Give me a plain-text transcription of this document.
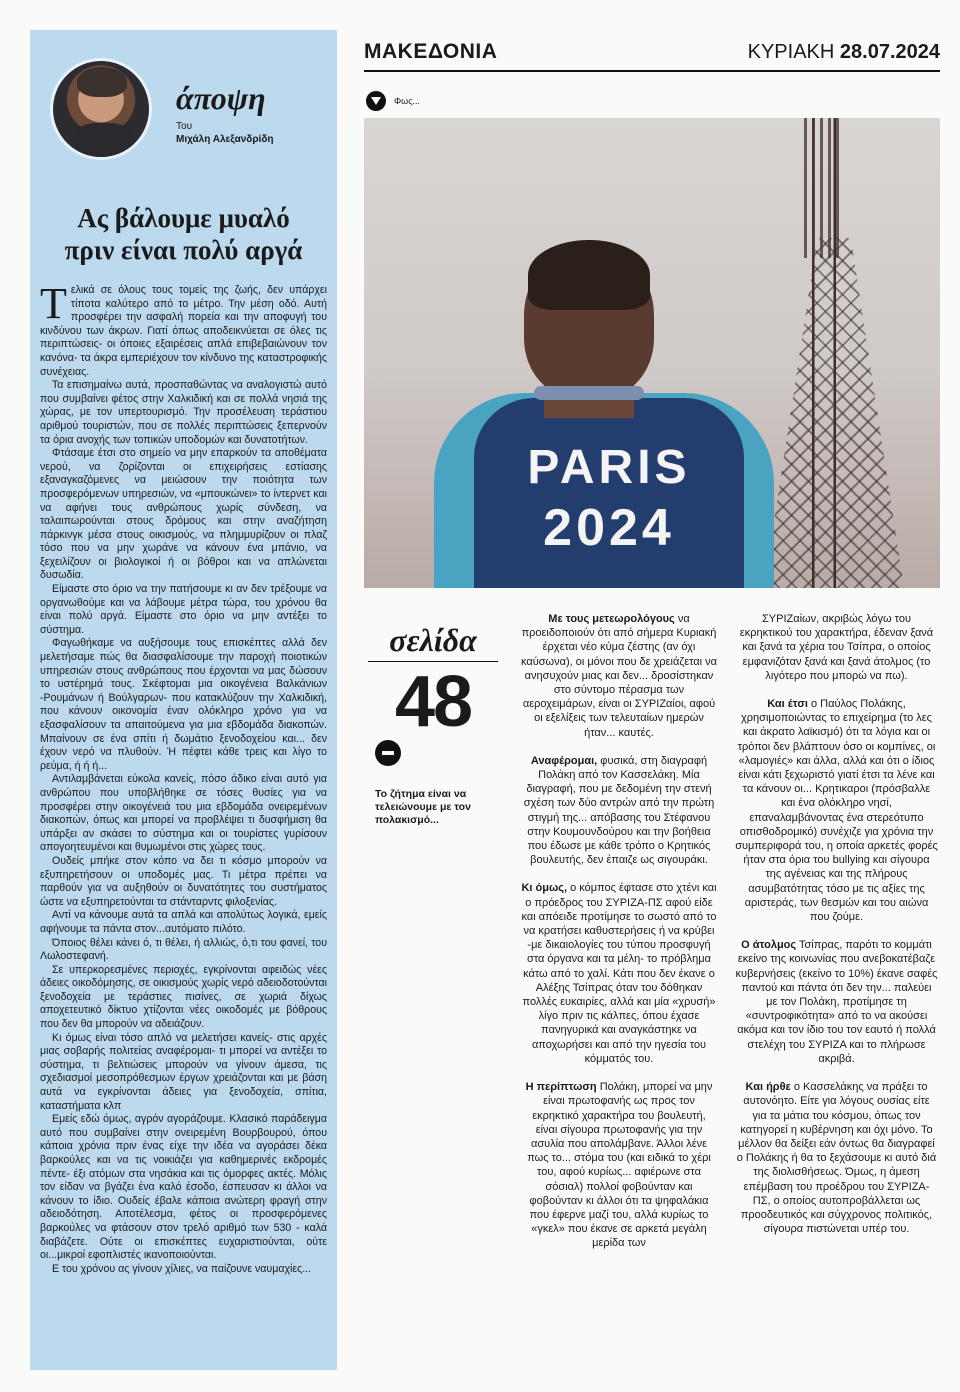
άποψη
Του
Μιχάλη Αλεξανδρίδη
Ας βάλουμε μυαλό
πριν είναι πολύ αργά

Τελικά σε όλους τους τομείς της ζωής, δεν υπάρχει τίποτα καλύτερο από το μέτρο. Την μέση οδό. Αυτή προσφέρει την ασφαλή πορεία και την αποφυγή του κινδύνου των άκρων. Γιατί όπως αποδεικνύεται σε όλες τις περιπτώσεις- οι όποιες εξαιρέσεις απλά επιβεβαιώνουν τον κανόνα- τα άκρα εμπεριέχουν τον κίνδυνο της καταστροφικής συνέχειας.

Τα επισημαίνω αυτά, προσπαθώντας να αναλογιστώ αυτό που συμβαίνει φέτος στην Χαλκιδική και σε πολλά νησιά της χώρας, με τον υπερτουρισμό. Την προσέλευση τεράστιου αριθμού τουριστών, που σε πολλές περιπτώσεις ξεπερνούν τα όρια ανοχής των τοπικών υποδομών και δυνατοτήτων.

Φτάσαμε έτσι στο σημείο να μην επαρκούν τα αποθέματα νερού, να ζορίζονται οι επιχειρήσεις εστίασης εξαναγκαζόμενες να μειώσουν την ποιότητα των προσφερόμενων υπηρεσιών, να «μπουκώνει» το ίντερνετ και να αφήνει τους ανθρώπους χωρίς σύνδεση, να ταλαιπωρούνται στους δρόμους και στην αναζήτηση πάρκινγκ μέσα στους οικισμούς, να πλημμυρίζουν οι πλαζ τόσο που να μην χωράνε να κάνουν ένα μπάνιο, να ξεχειλίζουν οι βιολογικοί ή οι βόθροι και να απλώνεται δυσωδία.

Είμαστε στο όριο να την πατήσουμε κι αν δεν τρέξουμε να οργανωθούμε και να λάβουμε μέτρα τώρα, του χρόνου θα είναι πολύ αργά. Είμαστε στο όριο να μην αντέξει το σύστημα.

Φαγωθήκαμε να αυξήσουμε τους επισκέπτες αλλά δεν μελετήσαμε πώς θα διασφαλίσουμε την παροχή ποιοτικών υπηρεσιών στους ανθρώπους που έρχονται να μας δώσουν το υστέρημά τους. Σκέφτομαι μια οικογένεια Βαλκάνιων -Ρουμάνων ή Βούλγαρων- που κατακλύζουν την Χαλκιδική, που κάνουν οικονομία έναν ολόκληρο χρόνο για να εξασφαλίσουν τα απαιτούμενα για μια εβδομάδα διακοπών. Μπαίνουν σε ένα σπίτι ή δωμάτιο ξενοδοχείου και... δεν έχουν νερό να πλυθούν. Ή πέφτει κάθε τρεις και λίγο το ρεύμα, ή ή ή...

Αντιλαμβάνεται εύκολα κανείς, πόσο άδικο είναι αυτό για ανθρώπου που υποβλήθηκε σε τόσες θυσίες για να προσφέρει στην οικογένειά του μια εβδομάδα ονειρεμένων διακοπών, όπως και μπορεί να προβλέψει τι δυσφήμιση θα υπάρξει αν σκάσει το σύστημα και οι τουρίστες γυρίσουν απογοητευμένοι και θυμωμένοι στις χώρες τους.

Ουδείς μπήκε στον κόπο να δει τι κόσμο μπορούν να εξυπηρετήσουν οι υποδομές μας. Τι μέτρα πρέπει να παρθούν για να αυξηθούν οι δυνατότητες του συστήματος ώστε να εξυπηρετούνται τα στάνταρντς φιλοξενίας.

Αντί να κάνουμε αυτά τα απλά και απολύτως λογικά, εμείς αφήνουμε τα πάντα στον...αυτόματο πιλότο.

Όποιος θέλει κάνει ό, τι θέλει, ή αλλιώς, ό,τι του φανεί, του Λωλοστεφανή.

Σε υπερκορεσμένες περιοχές, εγκρίνονται αφειδώς νέες άδειες οικοδόμησης, σε οικισμούς χωρίς νερό αδειοδοτούνται ξενοδοχεία με τεράστιες πισίνες, σε χωριά δίχως αποχετευτικό δίκτυο χτίζονται νέες οικοδομές με βόθρους που δεν θα μπορούν να αδειάζουν.

Κι όμως είναι τόσο απλό να μελετήσει κανείς- στις αρχές μιας σοβαρής πολιτείας αναφέρομαι- τι μπορεί να αντέξει το σύστημα, τι βελτιώσεις μπορούν να γίνουν άμεσα, τις σχεδιασμοί μεσοπρόθεσμων έργων χρειάζονται και με βάση αυτά να εγκρίνονται άδειες για ξενοδοχεία, σπίτια, καταστήματα κλπ

Εμείς εδώ όμως, αγρόν αγοράζουμε. Κλασικό παράδειγμα αυτό που συμβαίνει στην ονειρεμένη Βουρβουρού, όπου κάποια χρόνια πριν ένας είχε την ιδέα να αγοράσει δέκα βαρκούλες και να τις νοικιάζει για καθημερινές εκδρομές πέντε- έξι ατόμων στα νησάκια και τις όμορφες ακτές. Μόλις τον είδαν να βγάζει ένα καλό έσοδο, έσπευσαν κι άλλοι να κάνουν το ίδιο. Ουδείς έβαλε κάποια ανώτερη φραγή στην αδειοδότηση. Αποτέλεσμα, φέτος οι προσφερόμενες βαρκούλες να φτάσουν στον τρελό αριθμό των 530 - καλά διαβάζετε. Ούτε οι επισκέπτες ευχαριστιούνται, ούτε οι...μικροί εφοπλιστές ικανοποιούνται.

Ε του χρόνου ας γίνουν χίλιες, να παίζουνε ναυμαχίες...

ΜΑΚΕΔΟΝΙΑ	ΚΥΡΙΑΚΗ 28.07.2024
Φως...
PARIS
2024
σελίδα
48
Το ζήτημα είναι να τελειώνουμε με τον πολακισμό...

Με τους μετεωρολόγους να προειδοποιούν ότι από σήμερα Κυριακή έρχεται νέο κύμα ζέστης (αν όχι καύσωνα), οι μόνοι που δε χρειάζεται να ανησυχούν μιας και δεν... δροσίστηκαν στο σύντομο πέρασμα των αεροχειμάρων, είναι οι ΣΥΡΙΖαίοι, αφού οι εξελίξεις των τελευταίων ημερών ήταν... καυτές.

Αναφέρομαι, φυσικά, στη διαγραφή Πολάκη από τον Κασσελάκη. Μία διαγραφή, που με δεδομένη την στενή σχέση των δύο αντρών από την πρώτη στιγμή της... απόβασης του Στέφανου στην Κουμουνδούρου και την βοήθεια που έδωσε με κάθε τρόπο ο Κρητικός βουλευτής, δεν έπαιζε ως σιγουράκι.

Κι όμως, ο κόμπος έφτασε στο χτένι και ο πρόεδρος του ΣΥΡΙΖΑ-ΠΣ αφού είδε και απόειδε προτίμησε το σωστό από το να κρατήσει καθυστερήσεις ή να κρύβει -με δικαιολογίες του τύπου προσφυγή στα όργανα και τα μέλη- το πρόβλημα κάτω από το χαλί. Κάτι που δεν έκανε ο Αλέξης Τσίπρας όταν του δόθηκαν πολλές ευκαιρίες, αλλά και μία «χρυσή» λίγο πριν τις κάλπες, όπου έχασε πανηγυρικά και αναγκάστηκε να αποχωρήσει και από την ηγεσία του κόμματός του.

Η περίπτωση Πολάκη, μπορεί να μην είναι πρωτοφανής ως προς τον εκρηκτικό χαρακτήρα του βουλευτή, είναι σίγουρα πρωτοφανής για την ασυλία που απολάμβανε. Άλλοι λένε πως το... στόμα του (και ειδικά το χέρι του, αφού κυρίως... αφιέρωνε στα σόσιαλ) πολλοί φοβούνταν και φοβούνταν κι άλλοι ότι τα ψηφαλάκια που έφερνε μαζί του, αλλά κυρίως το «γκελ» που έκανε σε αρκετά μεγάλη μερίδα των

ΣΥΡΙΖαίων, ακριβώς λόγω του εκρηκτικού του χαρακτήρα, έδεναν ξανά και ξανά τα χέρια του Τσίπρα, ο οποίος εμφανιζόταν ξανά και ξανά άτολμος (το λιγότερο που μπορώ να πω).

Και έτσι ο Παύλος Πολάκης, χρησιμοποιώντας το επιχείρημα (το λες και άκρατο λαϊκισμό) ότι τα λόγια και οι τρόποι δεν βλάπτουν όσο οι κομπίνες, οι «λαμογιές» και άλλα, αλλά και ότι ο ίδιος είναι κάτι ξεχωριστό γιατί έτσι τα λένε και τα κάνουν οι... Κρητικαροι (πρόσβαλλε και ένα ολόκληρο νησί, επαναλαμβάνοντας ένα στερεότυπο οπισθοδρομικό) συνέχιζε για χρόνια την συμπεριφορά του, η οποία αρκετές φορές ήταν στα όρια του bullying και σίγουρα της αγένειας και της πλήρους ασυμβατότητας τόσο με τις αξίες της αριστεράς, των θεσμών και του αιώνα που ζούμε.

Ο άτολμος Τσίπρας, παρότι το κομμάτι εκείνο της κοινωνίας που ανεβοκατέβαζε κυβερνήσεις (εκείνο το 10%) έκανε σαφές παντού και πάντα ότι δεν την... παλεύει με τον Πολάκη, προτίμησε τη «συντροφικότητα» από το να ακούσει ακόμα και τον ίδιο του τον εαυτό ή πολλά στελέχη του ΣΥΡΙΖΑ και το πλήρωσε ακριβά.

Και ήρθε ο Κασσελάκης να πράξει το αυτονόητο. Είτε για λόγους ουσίας είτε για τα μάτια του κόσμου, όπως τον κατηγορεί η κυβέρνηση και όχι μόνο. Το μέλλον θα δείξει εάν όντως θα διαγραφεί ο Πολάκης ή θα το ξεχάσουμε κι αυτό διά της διολισθήσεως. Όμως, η άμεση επέμβαση του προέδρου του ΣΥΡΙΖΑ-ΠΣ, ο οποίος αυτοπροβάλλεται ως προοδευτικός και σύγχρονος πολιτικός, σίγουρα πιστώνεται υπέρ του.
